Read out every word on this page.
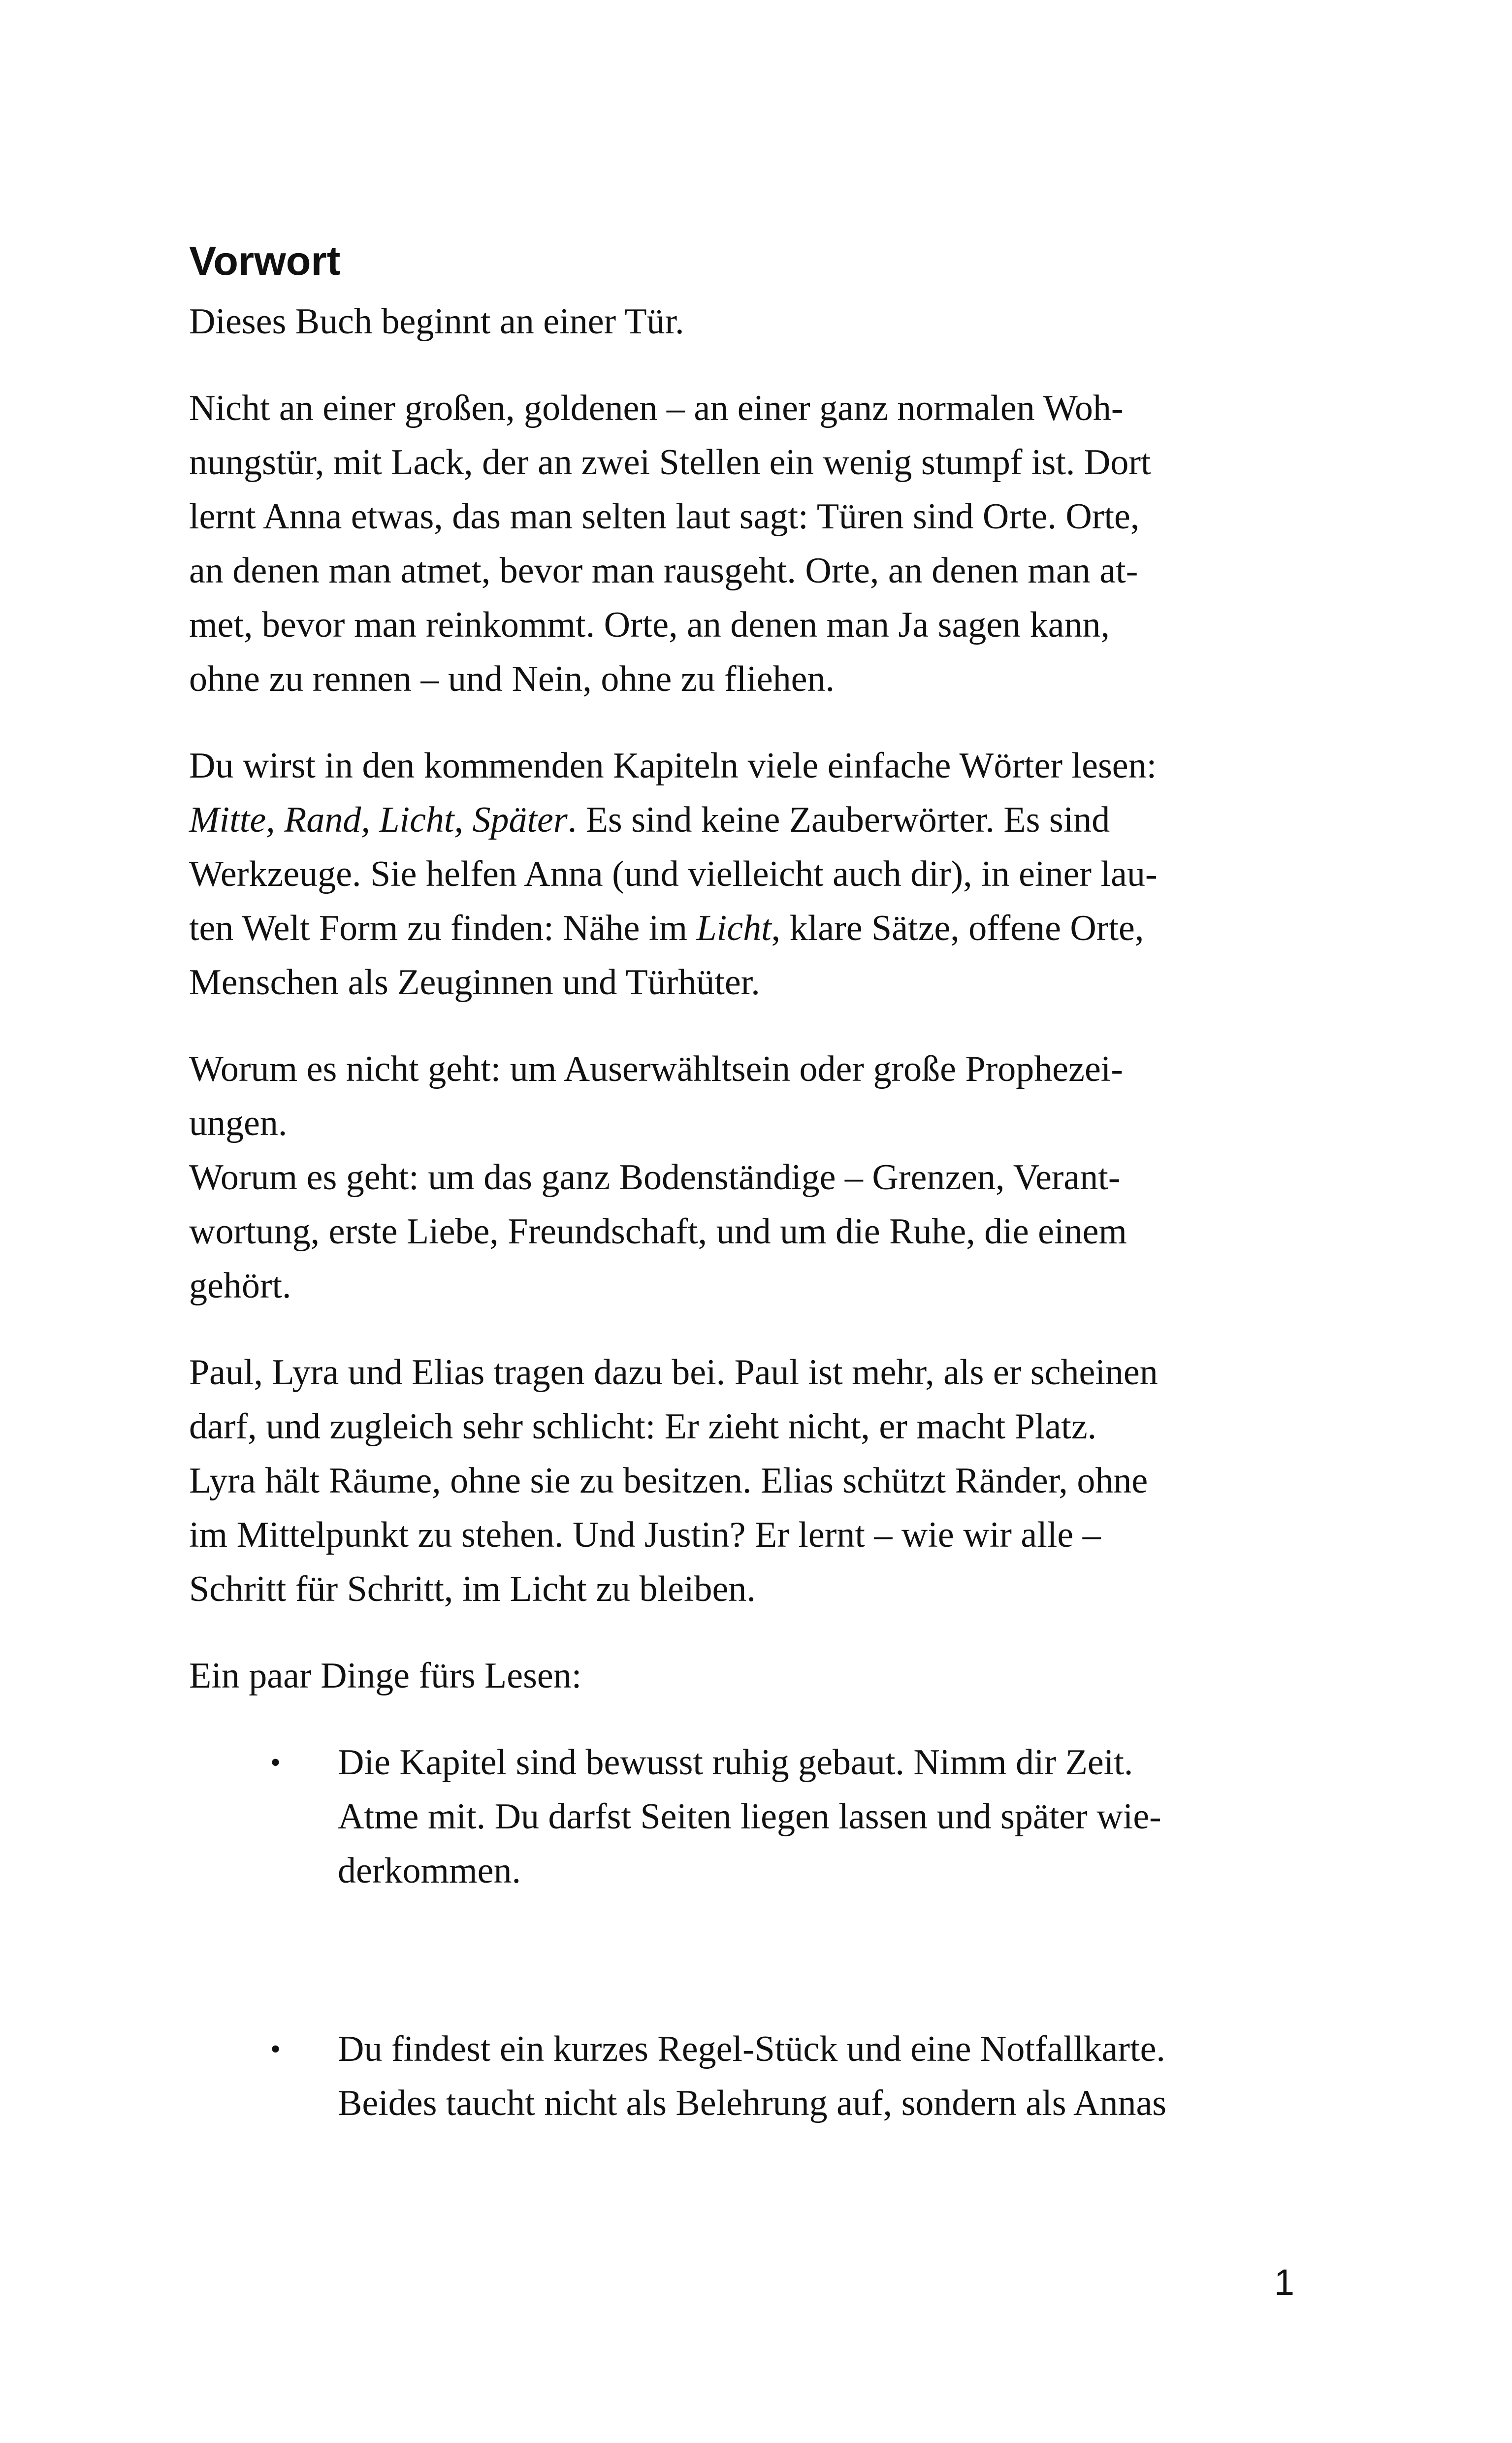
Vorwort

Dieses Buch beginnt an einer Tür.

Nicht an einer großen, goldenen – an einer ganz normalen Woh-
nungstür, mit Lack, der an zwei Stellen ein wenig stumpf ist. Dort
lernt Anna etwas, das man selten laut sagt: Türen sind Orte. Orte,
an denen man atmet, bevor man rausgeht. Orte, an denen man at-
met, bevor man reinkommt. Orte, an denen man Ja sagen kann,
ohne zu rennen – und Nein, ohne zu fliehen.

Du wirst in den kommenden Kapiteln viele einfache Wörter lesen:
Mitte, Rand, Licht, Später. Es sind keine Zauberwörter. Es sind
Werkzeuge. Sie helfen Anna (und vielleicht auch dir), in einer lau-
ten Welt Form zu finden: Nähe im Licht, klare Sätze, offene Orte,
Menschen als Zeuginnen und Türhüter.

Worum es nicht geht: um Auserwähltsein oder große Prophezei-
ungen.
Worum es geht: um das ganz Bodenständige – Grenzen, Verant-
wortung, erste Liebe, Freundschaft, und um die Ruhe, die einem
gehört.

Paul, Lyra und Elias tragen dazu bei. Paul ist mehr, als er scheinen
darf, und zugleich sehr schlicht: Er zieht nicht, er macht Platz.
Lyra hält Räume, ohne sie zu besitzen. Elias schützt Ränder, ohne
im Mittelpunkt zu stehen. Und Justin? Er lernt – wie wir alle –
Schritt für Schritt, im Licht zu bleiben.

Ein paar Dinge fürs Lesen:

• Die Kapitel sind bewusst ruhig gebaut. Nimm dir Zeit.
Atme mit. Du darfst Seiten liegen lassen und später wie-
derkommen.
• Du findest ein kurzes Regel-Stück und eine Notfallkarte.
Beides taucht nicht als Belehrung auf, sondern als Annas
1
